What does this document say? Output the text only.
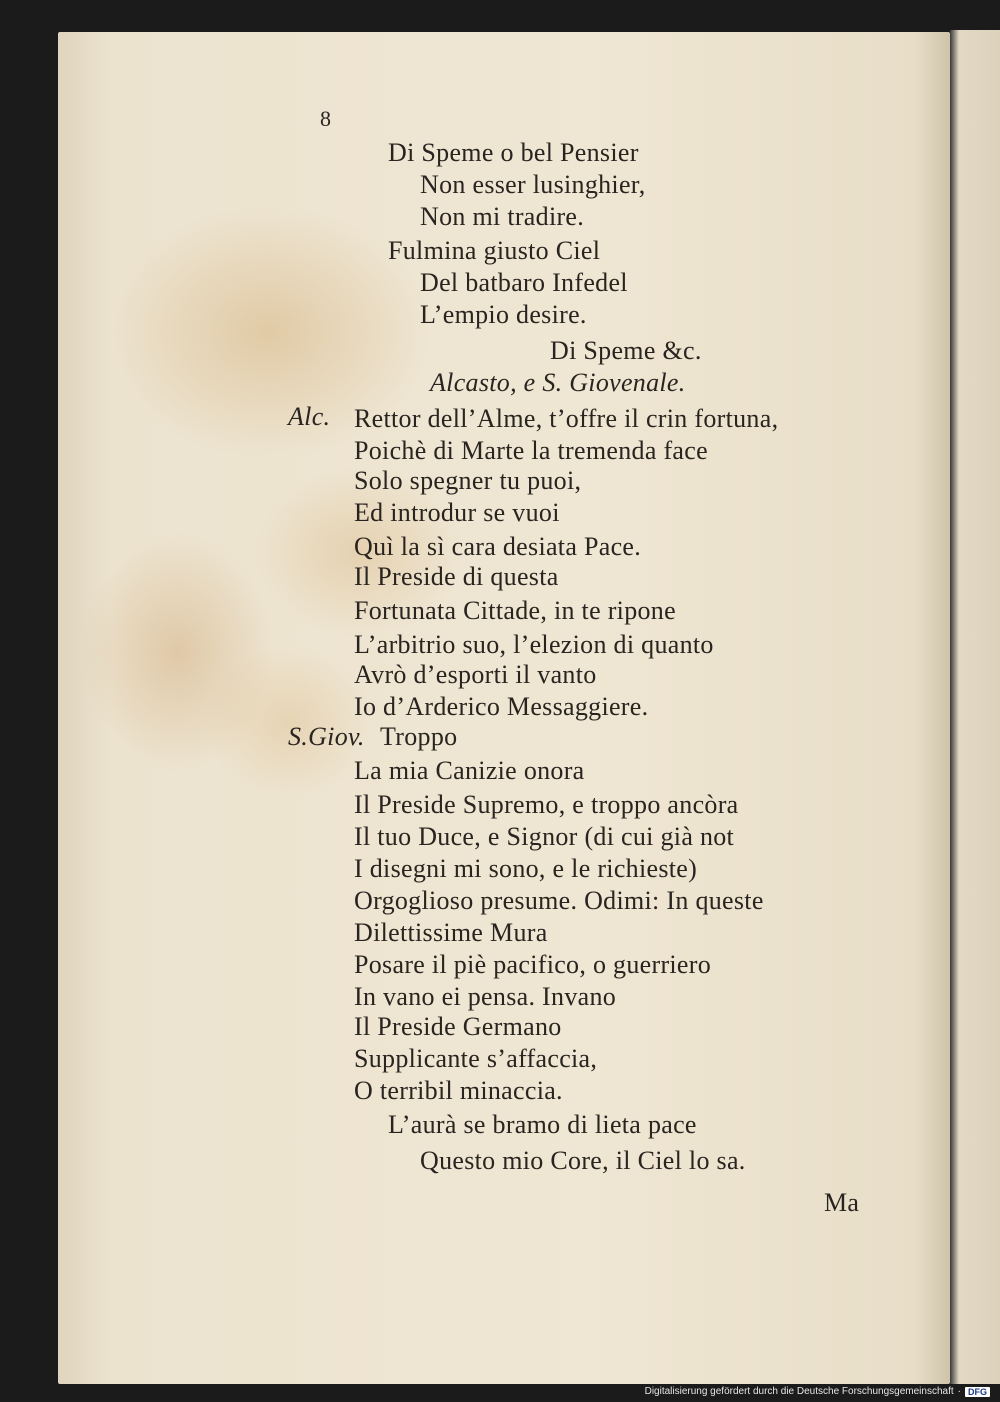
8
Di Speme o bel Pensier
Non esser lusinghier,
Non mi tradire.
Fulmina giusto Ciel
Del batbaro Infedel
L’empio desire.
Di Speme &c.
Alcasto, e S. Giovenale.
Alc. Rettor dell’Alme, t’offre il crin fortuna,
Poichè di Marte la tremenda face
Solo spegner tu puoi,
Ed introdur se vuoi
Quì la sì cara desiata Pace.
Il Preside di questa
Fortunata Cittade, in te ripone
L’arbitrio suo, l’elezion di quanto
Avrò d’esporti il vanto
Io d’Arderico Messaggiere.
S.Giov. Troppo
La mia Canizie onora
Il Preside Supremo, e troppo ancòra
Il tuo Duce, e Signor (di cui già not
I disegni mi sono, e le richieste)
Orgoglioso presume. Odimi: In queste
Dilettissime Mura
Posare il piè pacifico, o guerriero
In vano ei pensa. Invano
Il Preside Germano
Supplicante s’affaccia,
O terribil minaccia.
L’aurà se bramo di lieta pace
Questo mio Core, il Ciel lo sa.
Ma
Digitalisierung gefördert durch die Deutsche Forschungsgemeinschaft · DFG
